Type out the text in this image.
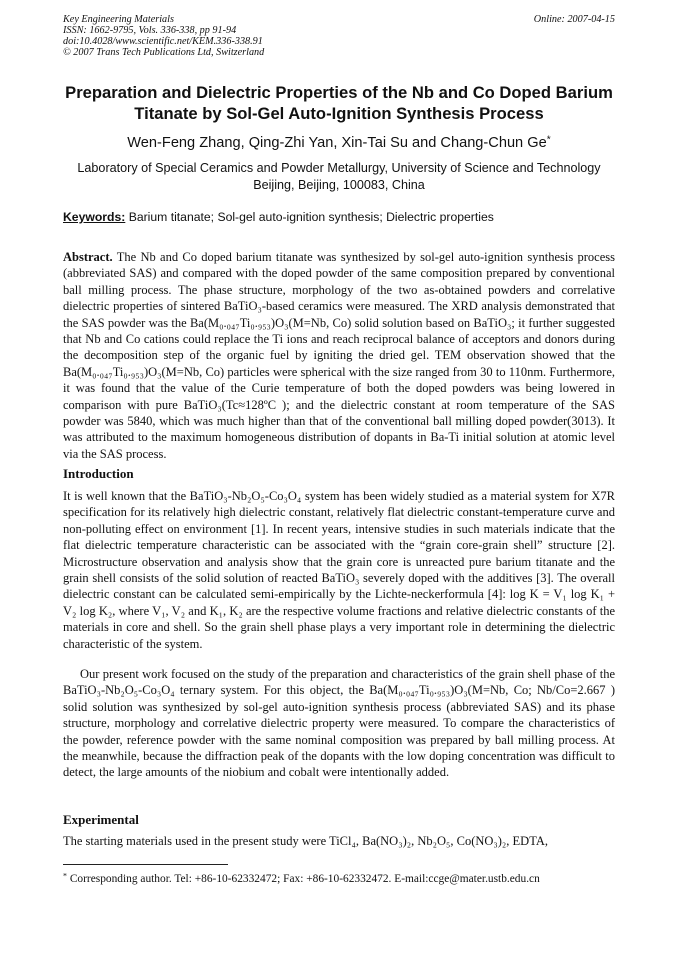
Key Engineering Materials
ISSN: 1662-9795, Vols. 336-338, pp 91-94
doi:10.4028/www.scientific.net/KEM.336-338.91
© 2007 Trans Tech Publications Ltd, Switzerland
Online: 2007-04-15
Preparation and Dielectric Properties of the Nb and Co Doped Barium Titanate by Sol-Gel Auto-Ignition Synthesis Process
Wen-Feng Zhang, Qing-Zhi Yan, Xin-Tai Su and Chang-Chun Ge*
Laboratory of Special Ceramics and Powder Metallurgy, University of Science and Technology Beijing, Beijing, 100083, China
Keywords: Barium titanate; Sol-gel auto-ignition synthesis; Dielectric properties
Abstract. The Nb and Co doped barium titanate was synthesized by sol-gel auto-ignition synthesis process (abbreviated SAS) and compared with the doped powder of the same composition prepared by conventional ball milling process. The phase structure, morphology of the two as-obtained powders and correlative dielectric properties of sintered BaTiO₃-based ceramics were measured. The XRD analysis demonstrated that the SAS powder was the Ba(M₀.₀₄₇Ti₀.₉₅₃)O₃(M=Nb, Co) solid solution based on BaTiO₃; it further suggested that Nb and Co cations could replace the Ti ions and reach reciprocal balance of acceptors and donors during the decomposition step of the organic fuel by igniting the dried gel. TEM observation showed that the Ba(M₀.₀₄₇Ti₀.₉₅₃)O₃(M=Nb, Co) particles were spherical with the size ranged from 30 to 110nm. Furthermore, it was found that the value of the Curie temperature of both the doped powders was being lowered in comparison with pure BaTiO₃(Tc≈128ºC ); and the dielectric constant at room temperature of the SAS powder was 5840, which was much higher than that of the conventional ball milling doped powder(3013). It was attributed to the maximum homogeneous distribution of dopants in Ba-Ti initial solution at atomic level via the SAS process.
Introduction
It is well known that the BaTiO₃-Nb₂O₅-Co₃O₄ system has been widely studied as a material system for X7R specification for its relatively high dielectric constant, relatively flat dielectric constant-temperature curve and non-polluting effect on environment [1]. In recent years, intensive studies in such materials indicate that the flat dielectric temperature characteristic can be associated with the “grain core-grain shell” structure [2]. Microstructure observation and analysis show that the grain core is unreacted pure barium titanate and the grain shell consists of the solid solution of reacted BaTiO₃ severely doped with the additives [3]. The overall dielectric constant can be calculated semi-empirically by the Lichte-neckerformula [4]: log K = V₁ log K₁ + V₂ log K₂, where V₁, V₂ and K₁, K₂ are the respective volume fractions and relative dielectric constants of the materials in core and shell. So the grain shell phase plays a very important role in determining the dielectric characteristic of the system.
Our present work focused on the study of the preparation and characteristics of the grain shell phase of the BaTiO₃-Nb₂O₅-Co₃O₄ ternary system. For this object, the Ba(M₀.₀₄₇Ti₀.₉₅₃)O₃(M=Nb, Co; Nb/Co=2.667 ) solid solution was synthesized by sol-gel auto-ignition synthesis process (abbreviated SAS) and its phase structure, morphology and correlative dielectric property were measured. To compare the characteristics of the powder, reference powder with the same nominal composition was prepared by ball milling process. At the meanwhile, because the diffraction peak of the dopants with the low doping concentration was difficult to detect, the large amounts of the niobium and cobalt were intentionally added.
Experimental
The starting materials used in the present study were TiCl₄, Ba(NO₃)₂, Nb₂O₅, Co(NO₃)₂, EDTA,
* Corresponding author. Tel: +86-10-62332472; Fax: +86-10-62332472. E-mail:ccge@mater.ustb.edu.cn
